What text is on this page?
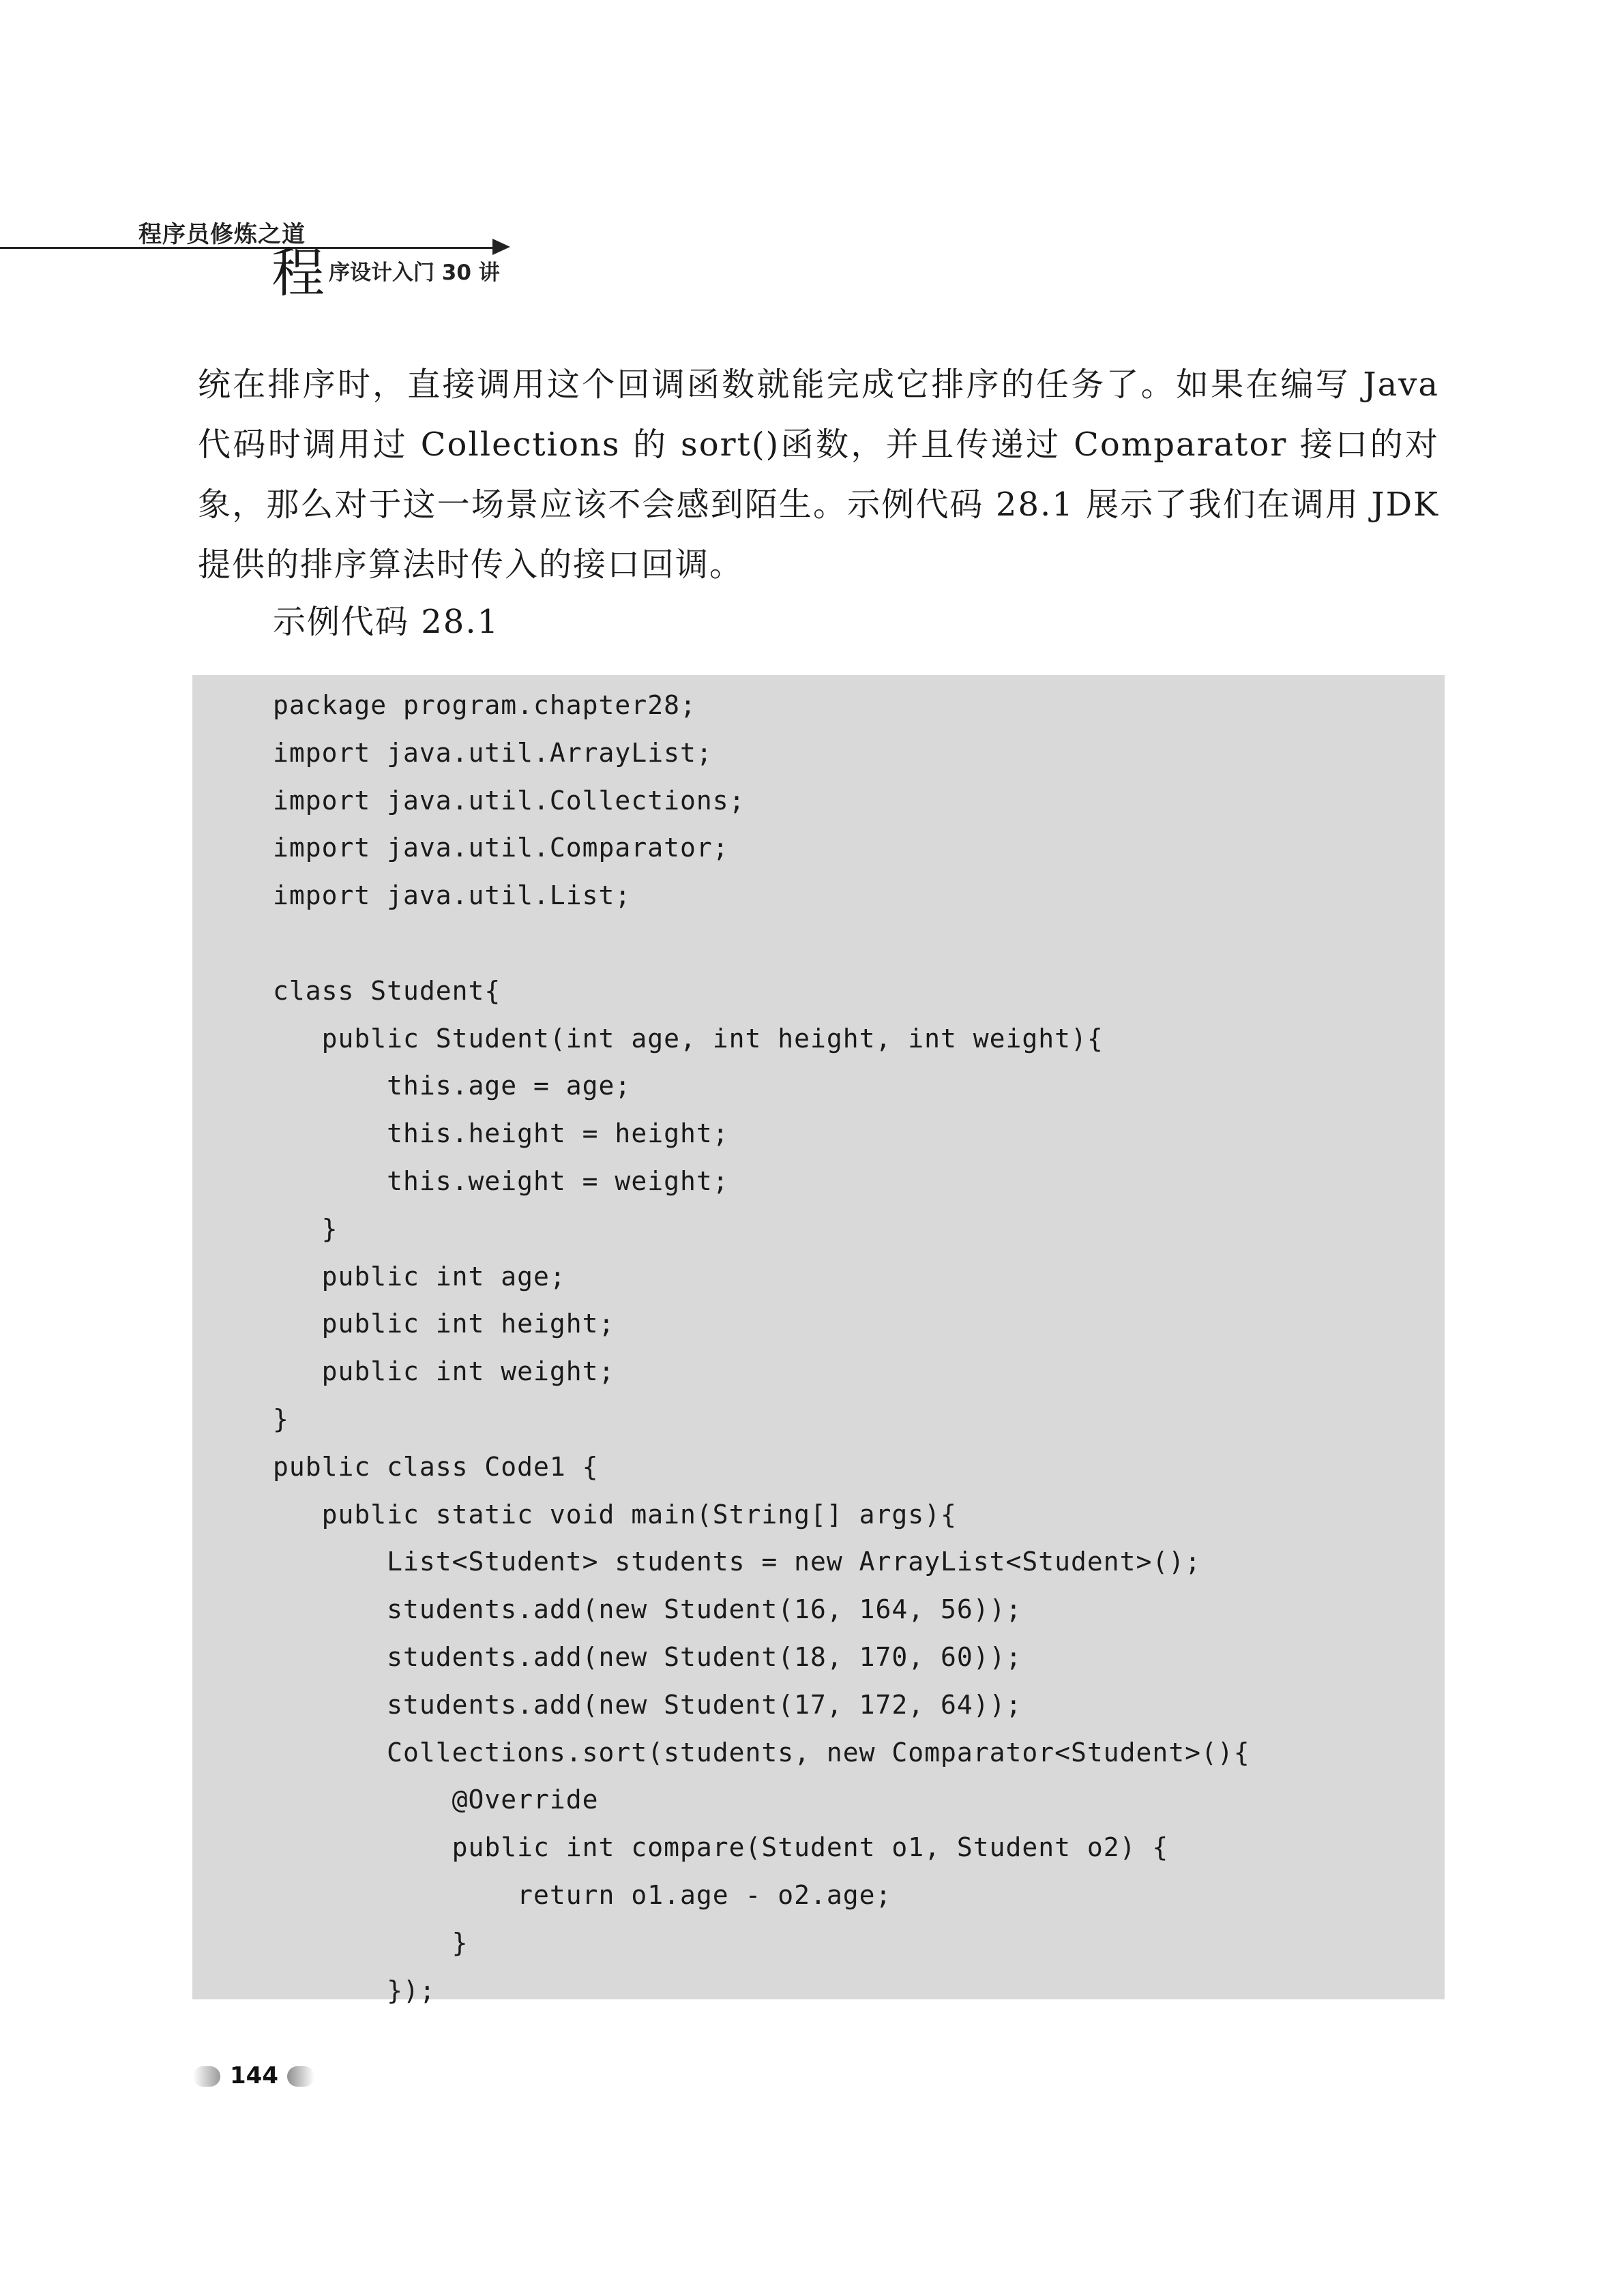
程序员修炼之道
程 序设计入门 30 讲
统在排序时，直接调用这个回调函数就能完成它排序的任务了。如果在编写 Java 代码时调用过 Collections 的 sort()函数，并且传递过 Comparator 接口的对象，那么对于这一场景应该不会感到陌生。示例代码 28.1 展示了我们在调用 JDK 提供的排序算法时传入的接口回调。
示例代码 28.1
package program.chapter28;
import java.util.ArrayList;
import java.util.Collections;
import java.util.Comparator;
import java.util.List;
class Student{
public Student(int age, int height, int weight){
this.age = age;
this.height = height;
this.weight = weight;
}
public int age;
public int height;
public int weight;
}
public class Code1 {
public static void main(String[] args){
List<Student> students = new ArrayList<Student>();
students.add(new Student(16, 164, 56));
students.add(new Student(18, 170, 60));
students.add(new Student(17, 172, 64));
Collections.sort(students, new Comparator<Student>(){
@Override
public int compare(Student o1, Student o2) {
return o1.age - o2.age;
}
});
144
